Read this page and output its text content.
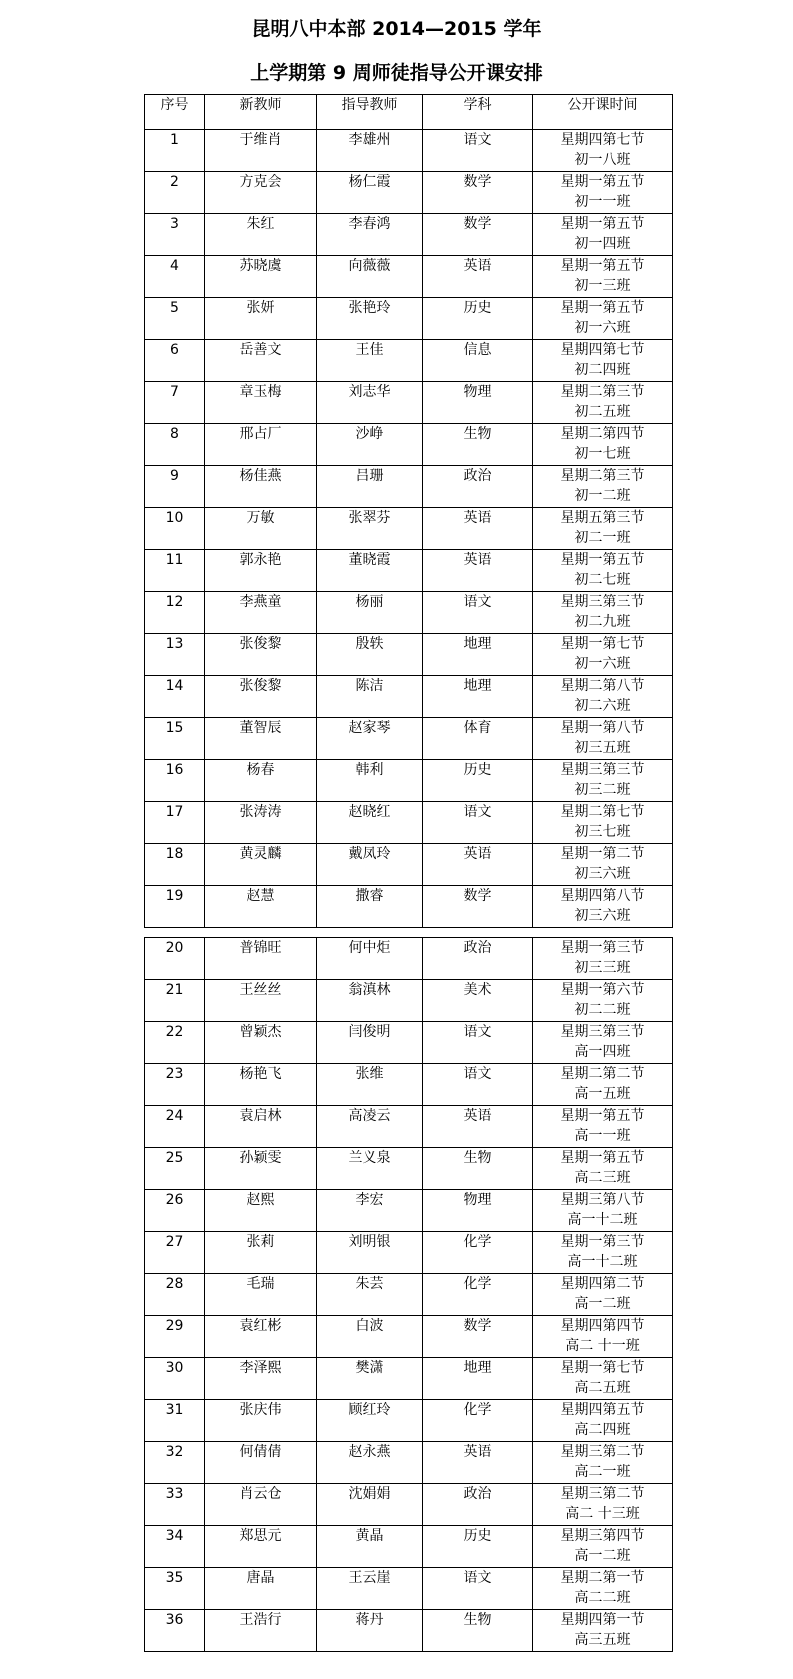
昆明八中本部 2014—2015 学年
上学期第 9 周师徒指导公开课安排
序号	新教师	指导教师	学科	公开课时间
1	于维肖	李雄州	语文	星期四第七节
初一八班

2	方克会	杨仁霞	数学	星期一第五节
初一一班

3	朱红	李春鸿	数学	星期一第五节
初一四班

4	苏晓虞	向薇薇	英语	星期一第五节
初一三班

5	张妍	张艳玲	历史	星期一第五节
初一六班

6	岳善文	王佳	信息	星期四第七节
初二四班

7	章玉梅	刘志华	物理	星期二第三节
初二五班

8	邢占厂	沙峥	生物	星期二第四节
初一七班

9	杨佳燕	吕珊	政治	星期二第三节
初一二班

10	万敏	张翠芬	英语	星期五第三节
初二一班

11	郭永艳	董晓霞	英语	星期一第五节
初二七班

12	李燕童	杨丽	语文	星期三第三节
初二九班

13	张俊黎	殷轶	地理	星期一第七节
初一六班

14	张俊黎	陈洁	地理	星期二第八节
初二六班

15	董智辰	赵家琴	体育	星期一第八节
初三五班

16	杨春	韩利	历史	星期三第三节
初三二班

17	张涛涛	赵晓红	语文	星期二第七节
初三七班

18	黄灵麟	戴凤玲	英语	星期一第二节
初三六班

19	赵慧	撒睿	数学	星期四第八节
初三六班
20	普锦旺	何中炬	政治	星期一第三节
初三三班

21	王丝丝	翁滇林	美术	星期一第六节
初二二班

22	曾颖杰	闫俊明	语文	星期三第三节
高一四班

23	杨艳飞	张维	语文	星期二第二节
高一五班

24	袁启林	高凌云	英语	星期一第五节
高一一班

25	孙颖雯	兰义泉	生物	星期一第五节
高二三班

26	赵熙	李宏	物理	星期三第八节
高一十二班

27	张莉	刘明银	化学	星期一第三节
高一十二班

28	毛瑞	朱芸	化学	星期四第二节
高一二班

29	袁红彬	白波	数学	星期四第四节
高二 十一班

30	李泽熙	樊潇	地理	星期一第七节
高二五班

31	张庆伟	顾红玲	化学	星期四第五节
高二四班

32	何倩倩	赵永燕	英语	星期三第二节
高二一班

33	肖云仓	沈娟娟	政治	星期三第二节
高二 十三班

34	郑思元	黄晶	历史	星期三第四节
高一二班

35	唐晶	王云崖	语文	星期二第一节
高二二班

36	王浩行	蒋丹	生物	星期四第一节
高三五班
